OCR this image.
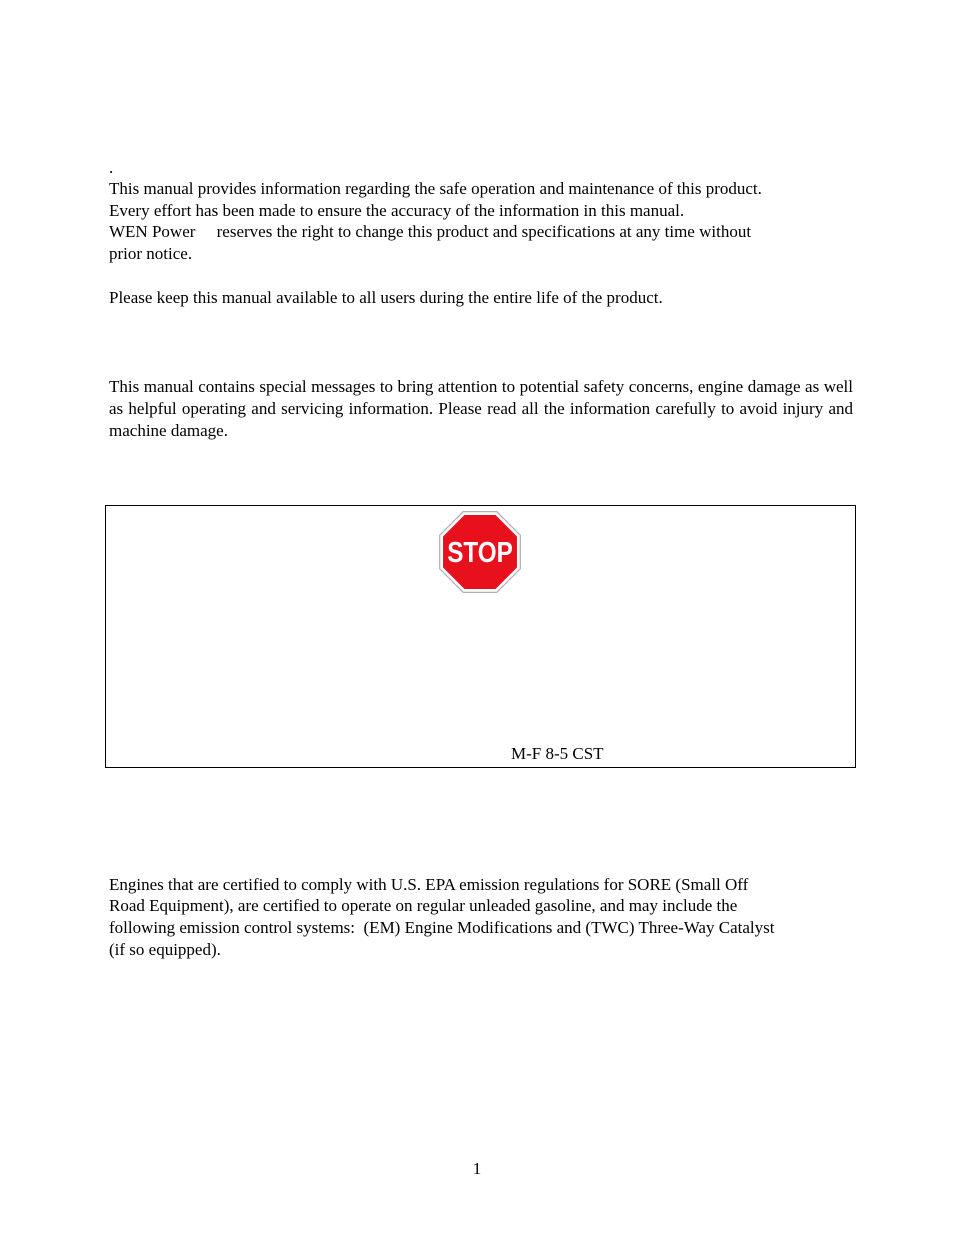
.
This manual provides information regarding the safe operation and maintenance of this product.
Every effort has been made to ensure the accuracy of the information in this manual.
WEN Power     reserves the right to change this product and specifications at any time without
prior notice.
Please keep this manual available to all users during the entire life of the product.
This manual contains special messages to bring attention to potential safety concerns, engine damage as well as helpful operating and servicing information. Please read all the information carefully to avoid injury and machine damage.
STOP
M-F 8-5 CST
Engines that are certified to comply with U.S. EPA emission regulations for SORE (Small Off
Road Equipment), are certified to operate on regular unleaded gasoline, and may include the
following emission control systems:  (EM) Engine Modifications and (TWC) Three-Way Catalyst
(if so equipped).
1
